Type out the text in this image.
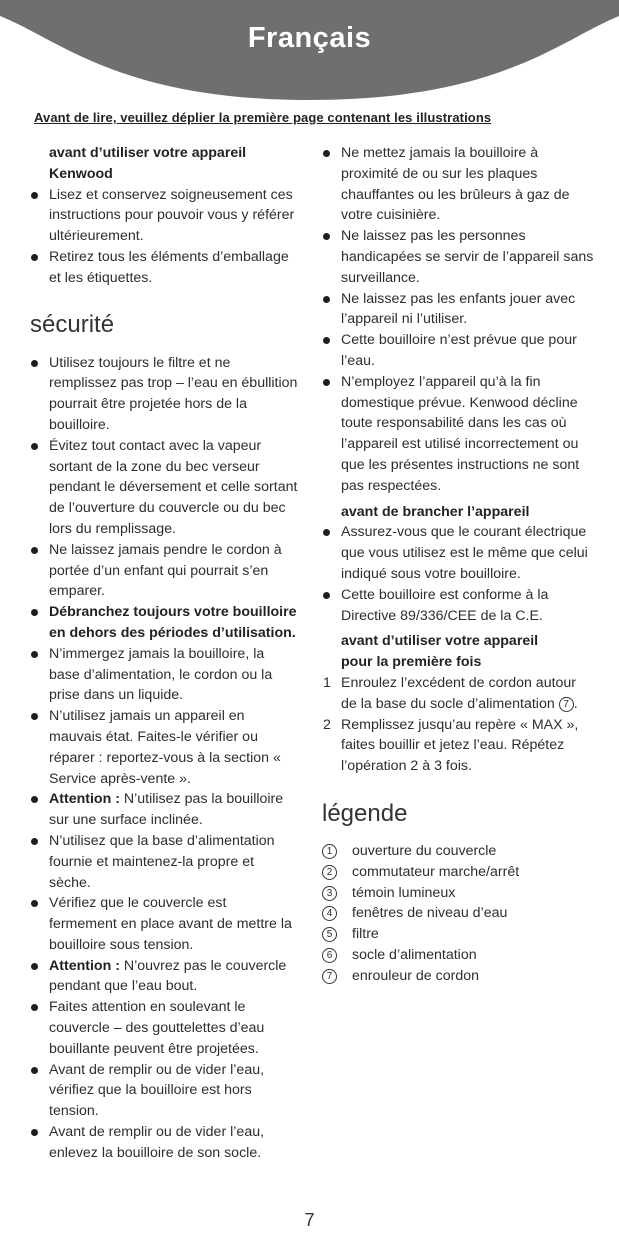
Français
Avant de lire, veuillez déplier la première page contenant les illustrations
avant d’utiliser votre appareil
Kenwood
Lisez et conservez soigneusement ces instructions pour pouvoir vous y référer ultérieurement.
Retirez tous les éléments d’emballage et les étiquettes.
sécurité
Utilisez toujours le filtre et ne remplissez pas trop – l’eau en ébullition pourrait être projetée hors de la bouilloire.
Évitez tout contact avec la vapeur sortant de la zone du bec verseur pendant le déversement et celle sortant de l’ouverture du couvercle ou du bec lors du remplissage.
Ne laissez jamais pendre le cordon à portée d’un enfant qui pourrait s’en emparer.
Débranchez toujours votre bouilloire en dehors des périodes d’utilisation.
N’immergez jamais la bouilloire, la base d’alimentation, le cordon ou la prise dans un liquide.
N’utilisez jamais un appareil en mauvais état. Faites-le vérifier ou réparer : reportez-vous à la section « Service après-vente ».
Attention : N’utilisez pas la bouilloire sur une surface inclinée.
N’utilisez que la base d’alimentation fournie et maintenez-la propre et sèche.
Vérifiez que le couvercle est fermement en place avant de mettre la bouilloire sous tension.
Attention : N’ouvrez pas le couvercle pendant que l’eau bout.
Faites attention en soulevant le couvercle – des gouttelettes d’eau bouillante peuvent être projetées.
Avant de remplir ou de vider l’eau, vérifiez que la bouilloire est hors tension.
Avant de remplir ou de vider l’eau, enlevez la bouilloire de son socle.
Ne mettez jamais la bouilloire à proximité de ou sur les plaques chauffantes ou les brûleurs à gaz de votre cuisinière.
Ne laissez pas les personnes handicapées se servir de l’appareil sans surveillance.
Ne laissez pas les enfants jouer avec l’appareil ni l’utiliser.
Cette bouilloire n’est prévue que pour l’eau.
N’employez l’appareil qu’à la fin domestique prévue. Kenwood décline toute responsabilité dans les cas où l’appareil est utilisé incorrectement ou que les présentes instructions ne sont pas respectées.
avant de brancher l’appareil
Assurez-vous que le courant électrique que vous utilisez est le même que celui indiqué sous votre bouilloire.
Cette bouilloire est conforme à la Directive 89/336/CEE de la C.E.
avant d’utiliser votre appareil
pour la première fois
1 Enroulez l’excédent de cordon autour de la base du socle d’alimentation 7 .
2 Remplissez jusqu’au repère « MAX », faites bouillir et jetez l’eau. Répétez l’opération 2 à 3 fois.
légende
1	ouverture du couvercle
2	commutateur marche/arrêt
3	témoin lumineux
4	fenêtres de niveau d’eau
5	filtre
6	socle d’alimentation
7	enrouleur de cordon
7
